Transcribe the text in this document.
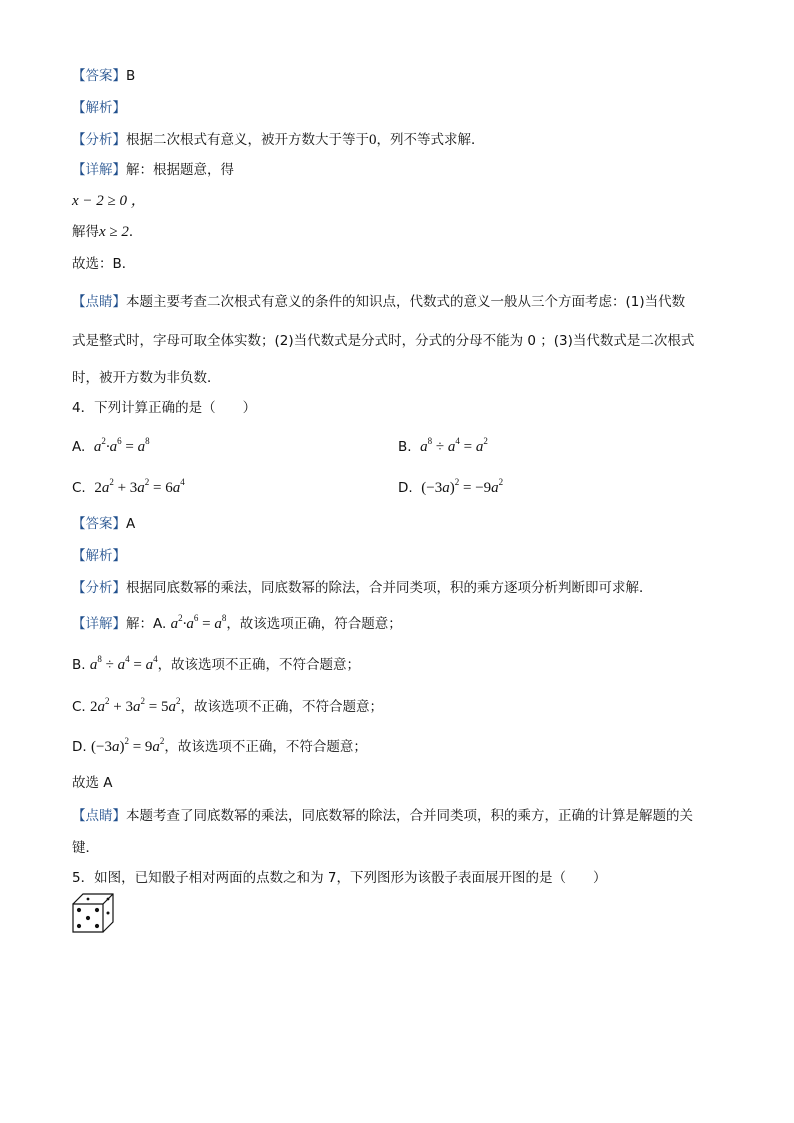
【答案】B
【解析】
【分析】根据二次根式有意义，被开方数大于等于0，列不等式求解．
【详解】解：根据题意，得
x − 2 ≥ 0 ，
解得x ≥ 2．
故选：B．
【点睛】本题主要考查二次根式有意义的条件的知识点，代数式的意义一般从三个方面考虑：(1)当代数
式是整式时，字母可取全体实数；(2)当代数式是分式时，分式的分母不能为 0 ；(3)当代数式是二次根式
时，被开方数为非负数．
4．下列计算正确的是（　　）
A. $a^2\cdot a^6 = a^8$	B. $a^8 \div a^4 = a^2$
C. $2a^2 + 3a^2 = 6a^4$	D. $(-3a)^2 = -9a^2$
【答案】A
【解析】
【分析】根据同底数幂的乘法，同底数幂的除法，合并同类项，积的乘方逐项分析判断即可求解．
【详解】解：A. $a^2\cdot a^6 = a^8$，故该选项正确，符合题意；
B. $a^8 \div a^4 = a^4$，故该选项不正确，不符合题意；
C. $2a^2 + 3a^2 = 5a^2$，故该选项不正确，不符合题意；
D. $(-3a)^2 = 9a^2$，故该选项不正确，不符合题意；
故选 A
【点睛】本题考查了同底数幂的乘法，同底数幂的除法，合并同类项，积的乘方，正确的计算是解题的关
键．
5．如图，已知骰子相对两面的点数之和为 7，下列图形为该骰子表面展开图的是（　　）
